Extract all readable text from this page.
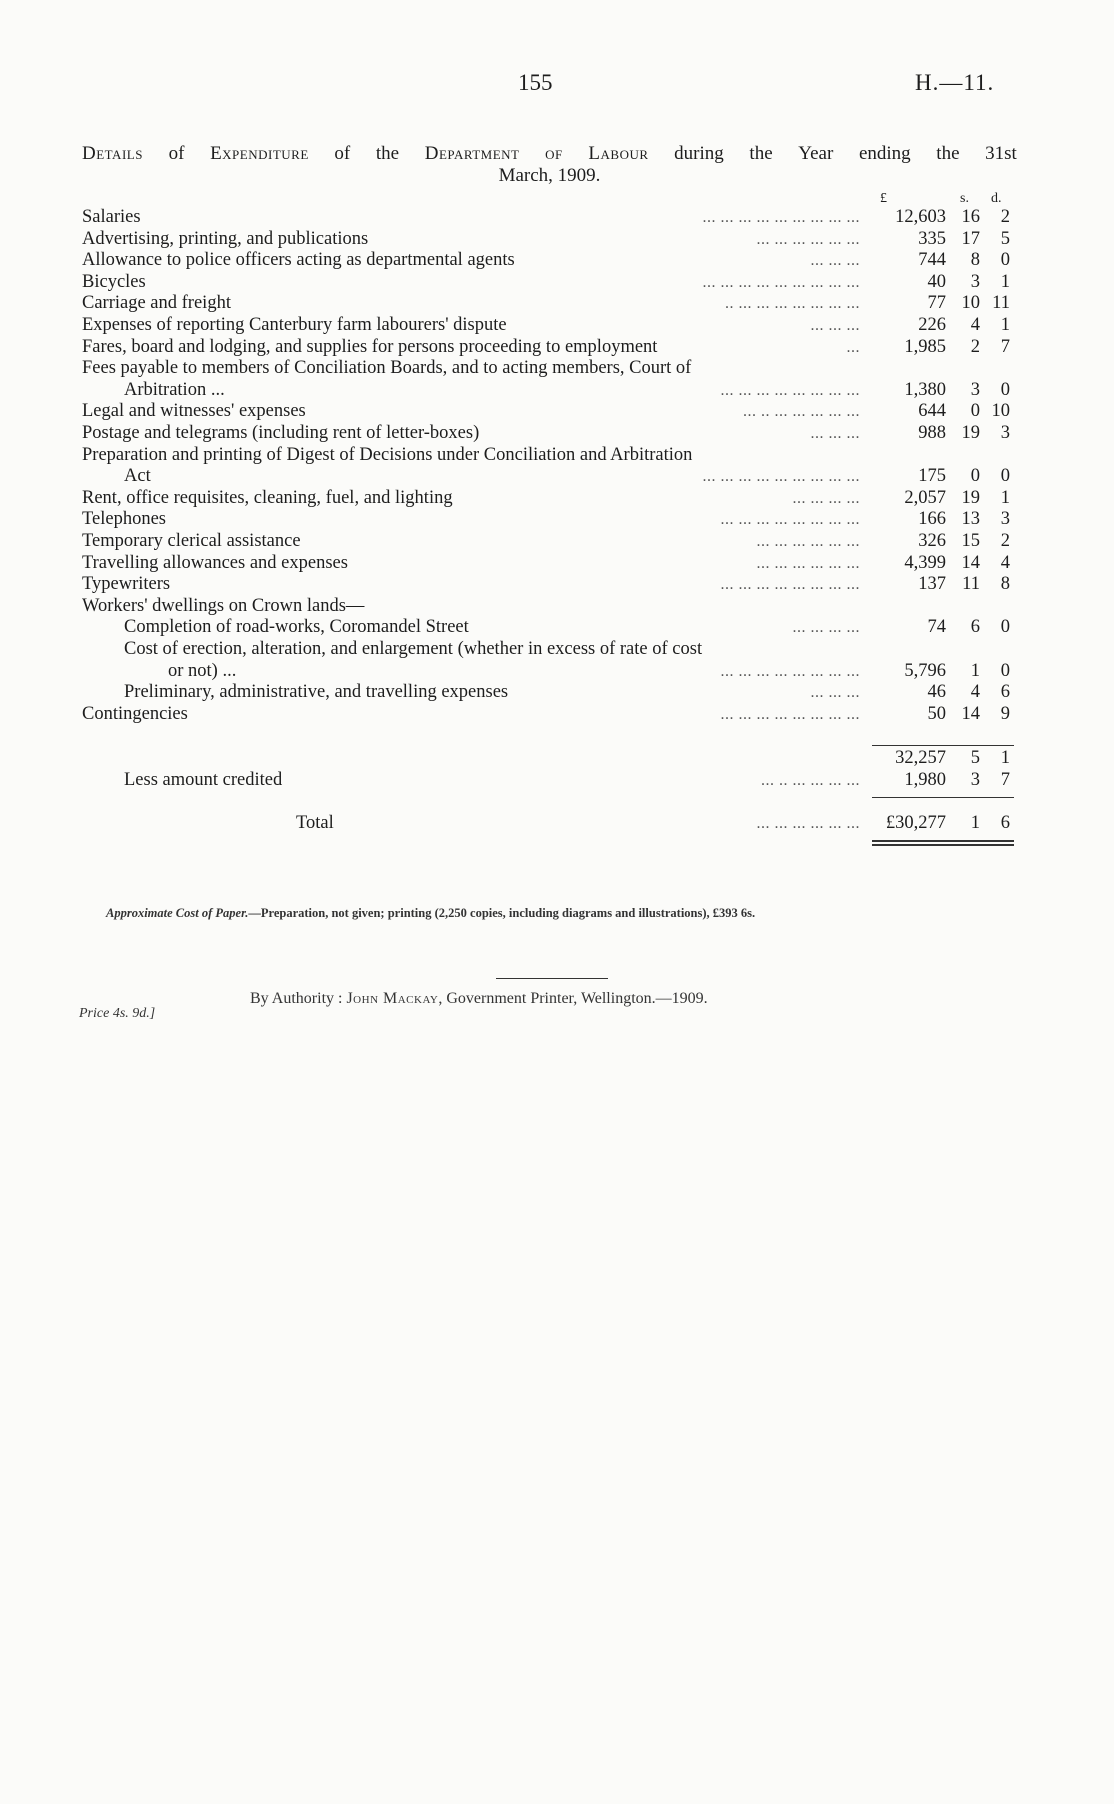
155	H.—11.
Details of Expenditure of the Department of Labour during the Year ending the 31st
March, 1909.
£	s. d.
Salaries	... ... ... ... ... ... ... ... ...	12,603 16	2
Advertising, printing, and publications	... ... ... ... ... ...	335 17	5
Allowance to police officers acting as departmental agents	... ... ...	744	8	0
Bicycles	... ... ... ... ... ... ... ... ...	40	3	1
Carriage and freight	.. ... ... ... ... ... ... ...	77 10 11
Expenses of reporting Canterbury farm labourers' dispute	... ... ...	226	4	1
Fares, board and lodging, and supplies for persons proceeding to employment	...	1,985	2	7
Fees payable to members of Conciliation Boards, and to acting members, Court of
Arbitration ...	... ... ... ... ... ... ... ...	1,380	3	0
Legal and witnesses' expenses	... .. ... ... ... ... ...	644	0 10
Postage and telegrams (including rent of letter-boxes)	... ... ...	988 19	3
Preparation and printing of Digest of Decisions under Conciliation and Arbitration
Act	... ... ... ... ... ... ... ... ...	175	0	0
Rent, office requisites, cleaning, fuel, and lighting	... ... ... ...	2,057 19	1
Telephones	... ... ... ... ... ... ... ...	166 13	3
Temporary clerical assistance	... ... ... ... ... ...	326 15	2
Travelling allowances and expenses	... ... ... ... ... ...	4,399 14	4
Typewriters	... ... ... ... ... ... ... ...	137 11	8
Workers' dwellings on Crown lands—
Completion of road-works, Coromandel Street	... ... ... ...	74	6	0
Cost of erection, alteration, and enlargement (whether in excess of rate of cost
or not) ...	... ... ... ... ... ... ... ...	5,796	1	0
Preliminary, administrative, and travelling expenses	... ... ...	46	4	6
Contingencies	... ... ... ... ... ... ... ...	50 14	9
32,257	5	1
Less amount credited	... .. ... ... ... ...	1,980	3	7
Total	... ... ... ... ... ...	£30,277	1	6
Approximate Cost of Paper.—Preparation, not given; printing (2,250 copies, including diagrams and illustrations), £393 6s.
By Authority : John Mackay, Government Printer, Wellington.—1909.
Price 4s. 9d.]
